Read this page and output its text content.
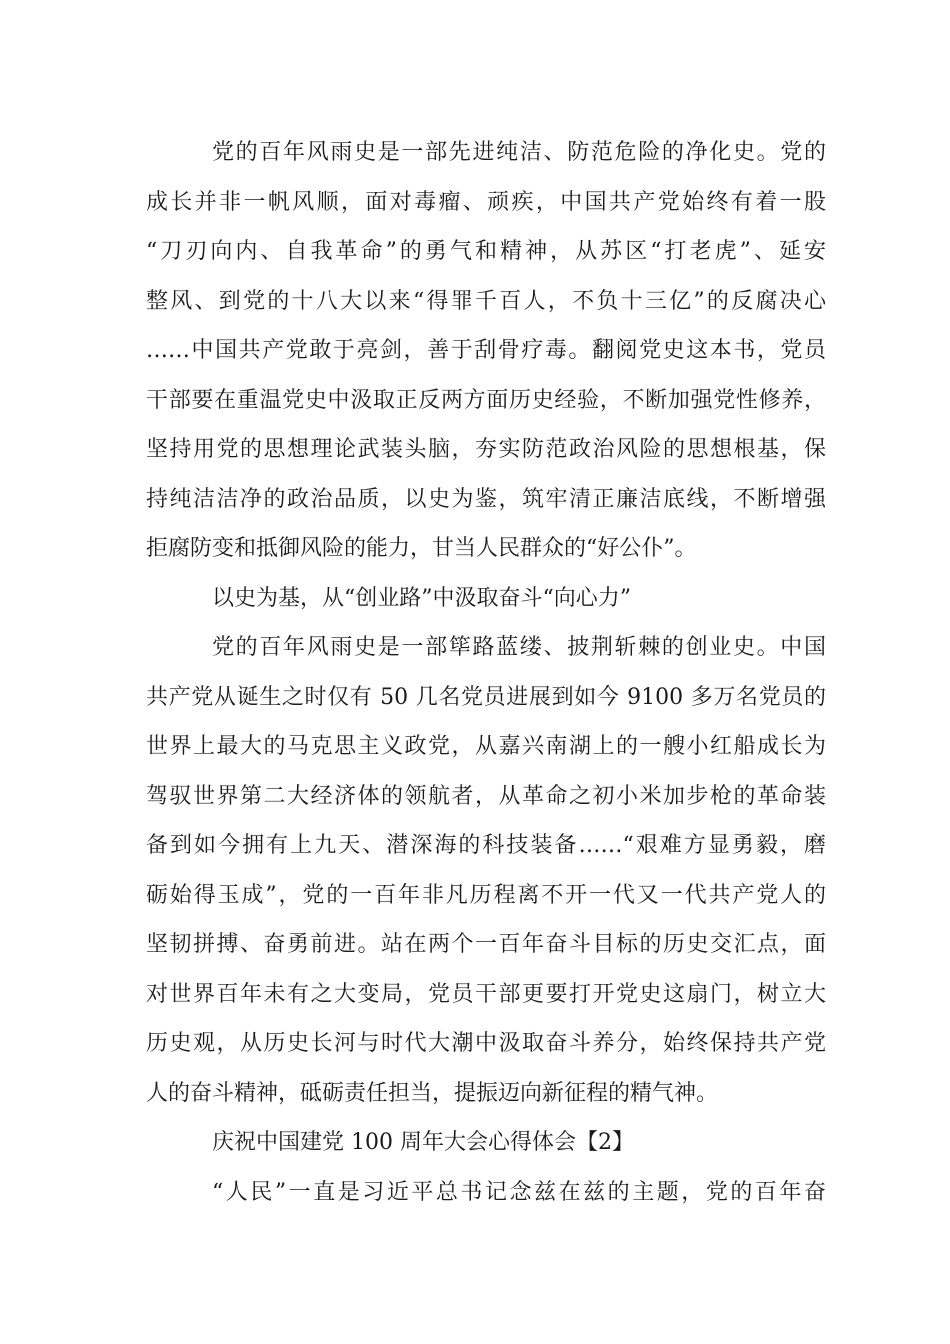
党的百年风雨史是一部先进纯洁、防范危险的净化史。党的
成长并非一帆风顺，面对毒瘤、顽疾，中国共产党始终有着一股
“刀刃向内、自我革命”的勇气和精神，从苏区“打老虎”、延安
整风、到党的十八大以来“得罪千百人，不负十三亿”的反腐决心
……中国共产党敢于亮剑，善于刮骨疗毒。翻阅党史这本书，党员
干部要在重温党史中汲取正反两方面历史经验，不断加强党性修养，
坚持用党的思想理论武装头脑，夯实防范政治风险的思想根基，保
持纯洁洁净的政治品质，以史为鉴，筑牢清正廉洁底线，不断增强
拒腐防变和抵御风险的能力，甘当人民群众的“好公仆”。
以史为基，从“创业路”中汲取奋斗“向心力”
党的百年风雨史是一部筚路蓝缕、披荆斩棘的创业史。中国
共产党从诞生之时仅有 50 几名党员进展到如今 9100 多万名党员的
世界上最大的马克思主义政党，从嘉兴南湖上的一艘小红船成长为
驾驭世界第二大经济体的领航者，从革命之初小米加步枪的革命装
备到如今拥有上九天、潜深海的科技装备……“艰难方显勇毅，磨
砺始得玉成”，党的一百年非凡历程离不开一代又一代共产党人的
坚韧拼搏、奋勇前进。站在两个一百年奋斗目标的历史交汇点，面
对世界百年未有之大变局，党员干部更要打开党史这扇门，树立大
历史观，从历史长河与时代大潮中汲取奋斗养分，始终保持共产党
人的奋斗精神，砥砺责任担当，提振迈向新征程的精气神。
庆祝中国建党 100 周年大会心得体会【2】
“人民”一直是习近平总书记念兹在兹的主题，党的百年奋
